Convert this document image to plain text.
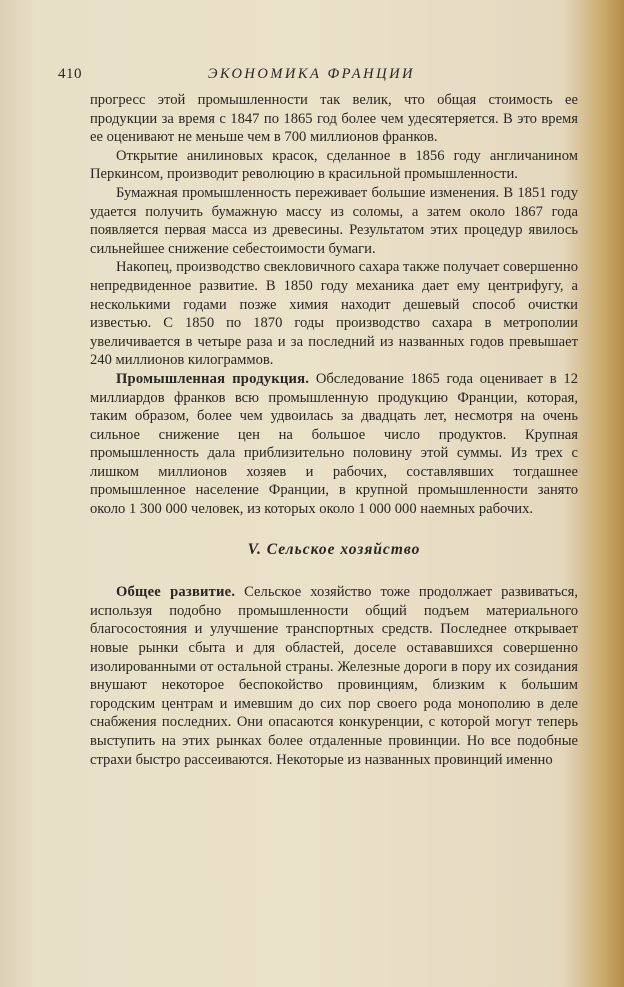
410	ЭКОНОМИКА ФРАНЦИИ

прогресс этой промышленности так велик, что общая стоимость ее продукции за время с 1847 по 1865 год более чем удесятеряется. В это время ее оценивают не меньше чем в 700 миллионов франков.

Открытие анилиновых красок, сделанное в 1856 году англичанином Перкинсом, производит революцию в красильной промышленности.

Бумажная промышленность переживает большие изменения. В 1851 году удается получить бумажную массу из соломы, а затем около 1867 года появляется первая масса из древесины. Результатом этих процедур явилось сильнейшее снижение себестоимости бумаги.

Накопец, производство свекловичного сахара также получает совершенно непредвиденное развитие. В 1850 году механика дает ему центрифугу, а несколькими годами позже химия находит дешевый способ очистки известью. С 1850 по 1870 годы производство сахара в метрополии увеличивается в четыре раза и за последний из названных годов превышает 240 миллионов килограммов.

Промышленная продукция. Обследование 1865 года оценивает в 12 миллиардов франков всю промышленную продукцию Франции, которая, таким образом, более чем удвоилась за двадцать лет, несмотря на очень сильное снижение цен на большое число продуктов. Крупная промышленность дала приблизительно половину этой суммы. Из трех с лишком миллионов хозяев и рабочих, составлявших тогдашнее промышленное население Франции, в крупной промышленности занято около 1 300 000 человек, из которых около 1 000 000 наемных рабочих.

V. Сельское хозяйство

Общее развитие. Сельское хозяйство тоже продолжает развиваться, используя подобно промышленности общий подъем материального благосостояния и улучшение транспортных средств. Последнее открывает новые рынки сбыта и для областей, доселе остававшихся совершенно изолированными от остальной страны. Железные дороги в пору их созидания внушают некоторое беспокойство провинциям, близким к большим городским центрам и имевшим до сих пор своего рода монополию в деле снабжения последних. Они опасаются конкуренции, с которой могут теперь выступить на этих рынках более отдаленные провинции. Но все подобные страхи быстро рассеиваются. Некоторые из названных провинций именно
